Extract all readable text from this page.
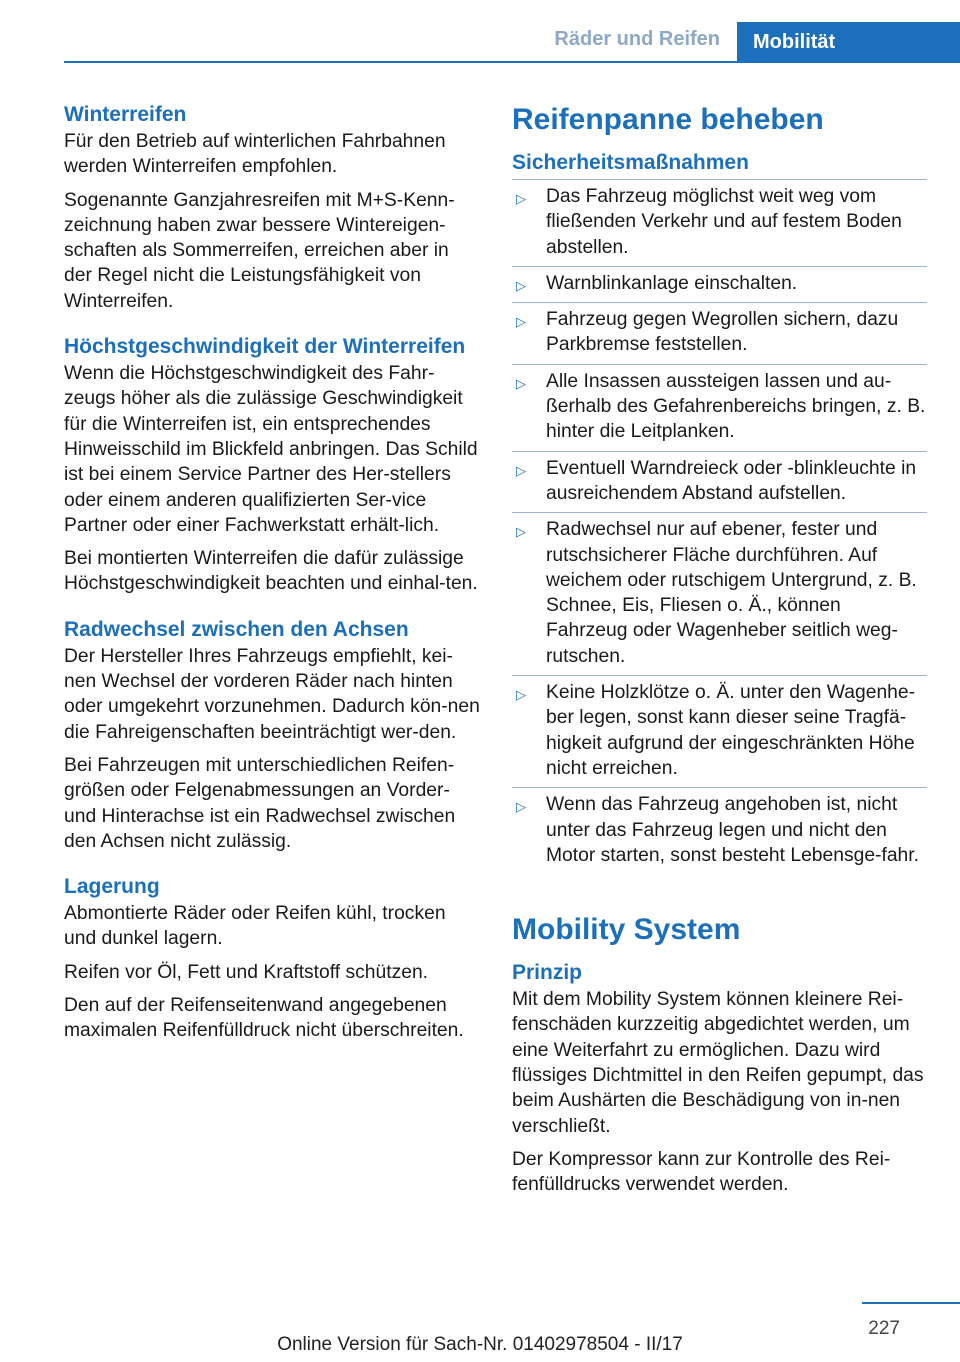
Räder und Reifen	Mobilität
Winterreifen

Für den Betrieb auf winterlichen Fahrbahnen werden Winterreifen empfohlen.

Sogenannte Ganzjahresreifen mit M+S-Kenn-zeichnung haben zwar bessere Wintereigen-schaften als Sommerreifen, erreichen aber in der Regel nicht die Leistungsfähigkeit von Winterreifen.

Höchstgeschwindigkeit der Winterreifen

Wenn die Höchstgeschwindigkeit des Fahr-zeugs höher als die zulässige Geschwindigkeit für die Winterreifen ist, ein entsprechendes Hinweisschild im Blickfeld anbringen. Das Schild ist bei einem Service Partner des Her-stellers oder einem anderen qualifizierten Ser-vice Partner oder einer Fachwerkstatt erhält-lich.

Bei montierten Winterreifen die dafür zulässige Höchstgeschwindigkeit beachten und einhal-ten.

Radwechsel zwischen den Achsen

Der Hersteller Ihres Fahrzeugs empfiehlt, kei-nen Wechsel der vorderen Räder nach hinten oder umgekehrt vorzunehmen. Dadurch kön-nen die Fahreigenschaften beeinträchtigt wer-den.

Bei Fahrzeugen mit unterschiedlichen Reifen-größen oder Felgenabmessungen an Vorder- und Hinterachse ist ein Radwechsel zwischen den Achsen nicht zulässig.

Lagerung

Abmontierte Räder oder Reifen kühl, trocken und dunkel lagern.

Reifen vor Öl, Fett und Kraftstoff schützen.

Den auf der Reifenseitenwand angegebenen maximalen Reifenfülldruck nicht überschreiten.

Reifenpanne beheben
Sicherheitsmaßnahmen
▷ Das Fahrzeug möglichst weit weg vom fließenden Verkehr und auf festem Boden abstellen.
▷ Warnblinkanlage einschalten.
▷ Fahrzeug gegen Wegrollen sichern, dazu Parkbremse feststellen.
▷ Alle Insassen aussteigen lassen und au-ßerhalb des Gefahrenbereichs bringen, z. B. hinter die Leitplanken.
▷ Eventuell Warndreieck oder -blinkleuchte in ausreichendem Abstand aufstellen.
▷ Radwechsel nur auf ebener, fester und rutschsicherer Fläche durchführen. Auf weichem oder rutschigem Untergrund, z. B. Schnee, Eis, Fliesen o. Ä., können Fahrzeug oder Wagenheber seitlich weg-rutschen.
▷ Keine Holzklötze o. Ä. unter den Wagenhe-ber legen, sonst kann dieser seine Tragfä-higkeit aufgrund der eingeschränkten Höhe nicht erreichen.
▷ Wenn das Fahrzeug angehoben ist, nicht unter das Fahrzeug legen und nicht den Motor starten, sonst besteht Lebensge-fahr.
Mobility System
Prinzip

Mit dem Mobility System können kleinere Rei-fenschäden kurzzeitig abgedichtet werden, um eine Weiterfahrt zu ermöglichen. Dazu wird flüssiges Dichtmittel in den Reifen gepumpt, das beim Aushärten die Beschädigung von in-nen verschließt.

Der Kompressor kann zur Kontrolle des Rei-fenfülldrucks verwendet werden.

227
Online Version für Sach-Nr. 01402978504 - II/17
